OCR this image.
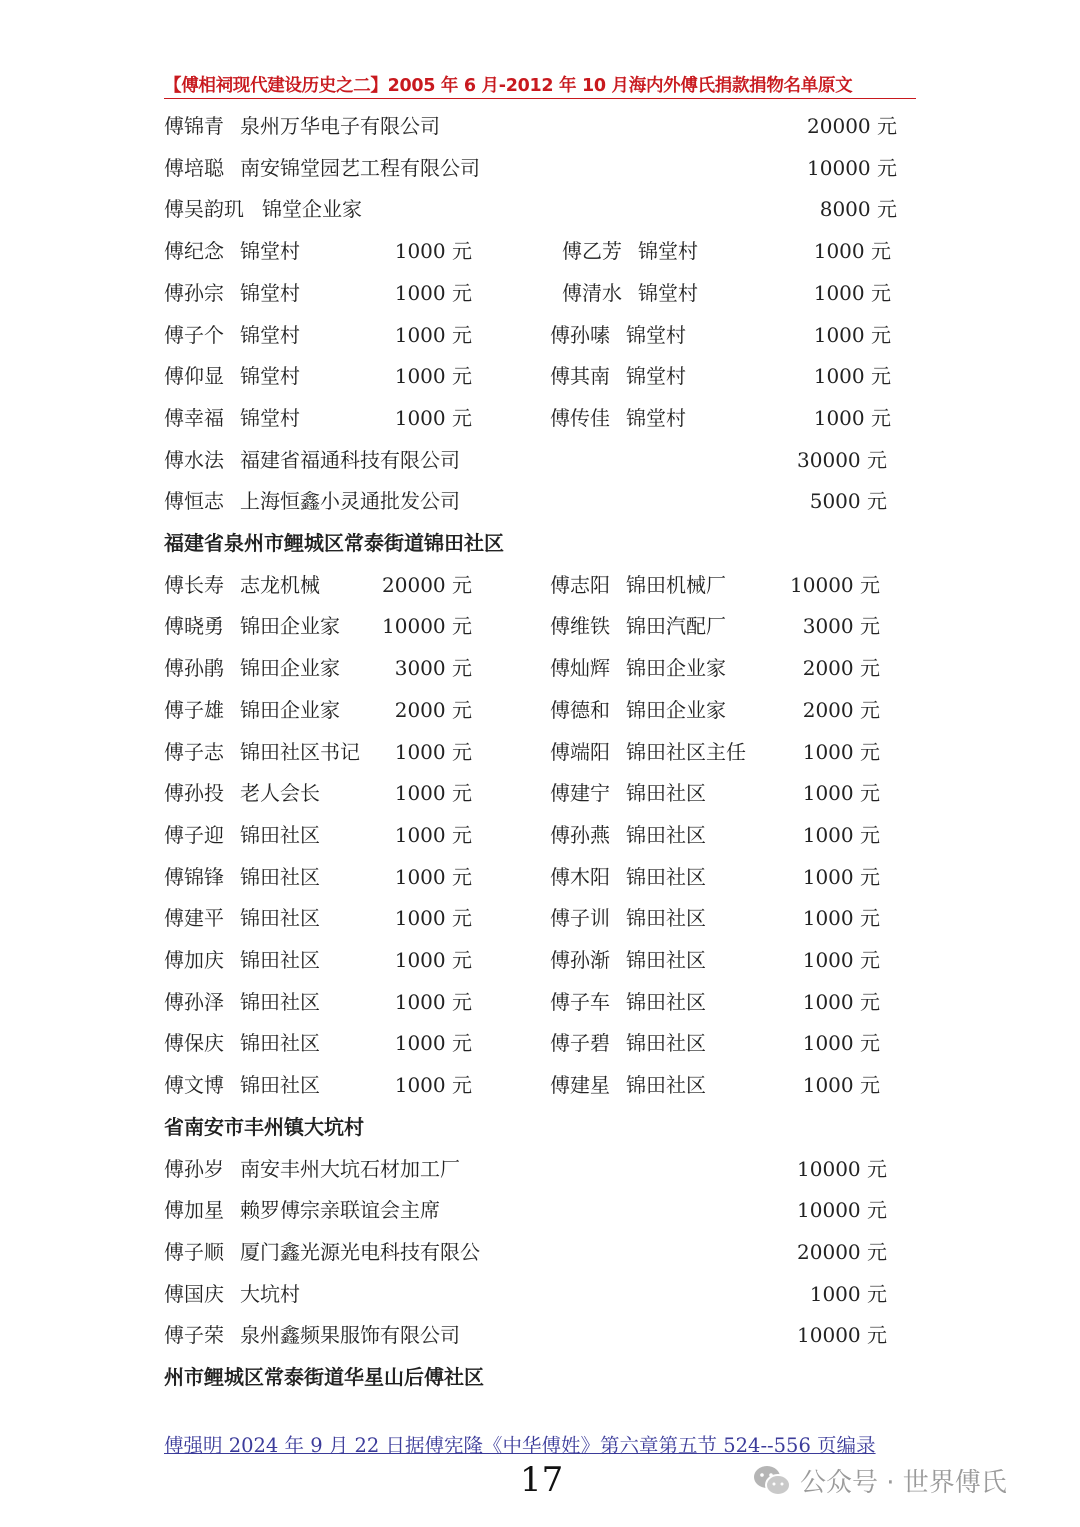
【傅相祠现代建设历史之二】2005 年 6 月-2012 年 10 月海内外傅氏捐款捐物名单原文
傅锦青 泉州万华电子有限公司	20000 元
傅培聪 南安锦堂园艺工程有限公司	10000 元
傅吴韵玑 锦堂企业家	8000 元
傅纪念 锦堂村	1000 元	傅乙芳 锦堂村	1000 元
傅孙宗 锦堂村	1000 元	傅清水 锦堂村	1000 元
傅子个 锦堂村	1000 元	傅孙嗉 锦堂村	1000 元
傅仰显 锦堂村	1000 元	傅其南 锦堂村	1000 元
傅幸福 锦堂村	1000 元	傅传佳 锦堂村	1000 元
傅水法 福建省福通科技有限公司	30000 元
傅恒志 上海恒鑫小灵通批发公司	5000 元
福建省泉州市鲤城区常泰街道锦田社区
傅长寿 志龙机械	20000 元	傅志阳 锦田机械厂	10000 元
傅晓勇 锦田企业家 10000 元	傅维铁 锦田汽配厂	3000 元
傅孙鹃 锦田企业家	3000 元	傅灿辉 锦田企业家	2000 元
傅子雄 锦田企业家	2000 元	傅德和 锦田企业家	2000 元
傅子志 锦田社区书记 1000 元	傅端阳 锦田社区主任	1000 元
傅孙投 老人会长	1000 元	傅建宁 锦田社区	1000 元
傅子迎 锦田社区	1000 元	傅孙燕 锦田社区	1000 元
傅锦锋 锦田社区	1000 元	傅木阳 锦田社区	1000 元
傅建平 锦田社区	1000 元	傅子训 锦田社区	1000 元
傅加庆 锦田社区	1000 元	傅孙渐 锦田社区	1000 元
傅孙泽 锦田社区	1000 元	傅子车 锦田社区	1000 元
傅保庆 锦田社区	1000 元	傅子碧 锦田社区	1000 元
傅文博 锦田社区	1000 元	傅建星 锦田社区	1000 元
省南安市丰州镇大坑村
傅孙岁 南安丰州大坑石材加工厂	10000 元
傅加星 赖罗傅宗亲联谊会主席	10000 元
傅子顺 厦门鑫光源光电科技有限公	20000 元
傅国庆 大坑村	1000 元
傅子荣 泉州鑫频果服饰有限公司	10000 元
州市鲤城区常泰街道华星山后傅社区
傅强明 2024 年 9 月 22 日据傅宪隆《中华傅姓》第六章第五节 524--556 页编录
17	公众号 · 世界傅氏
